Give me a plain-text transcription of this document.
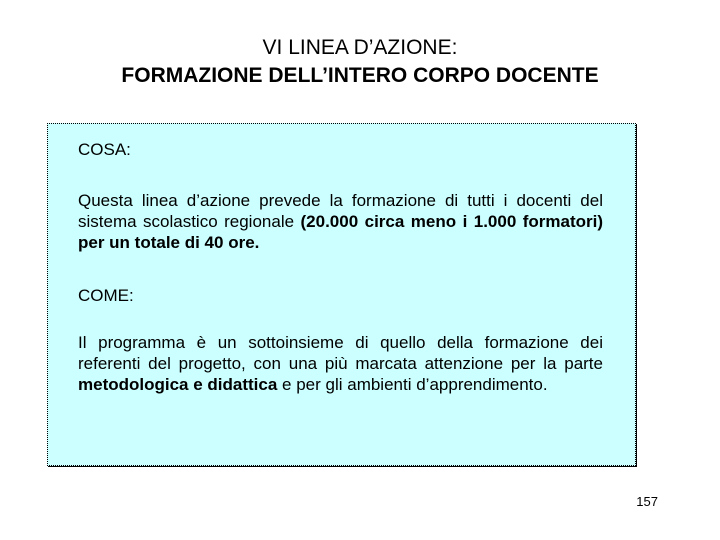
VI LINEA D’AZIONE:
FORMAZIONE DELL’INTERO CORPO DOCENTE
COSA:
Questa linea d’azione prevede la formazione di tutti i docenti del sistema scolastico regionale (20.000 circa meno i 1.000 formatori) per un totale di 40 ore.
COME:
Il programma è un sottoinsieme di quello della formazione dei referenti del progetto, con una più marcata attenzione per la parte metodologica e didattica e per gli ambienti d’apprendimento.
157
